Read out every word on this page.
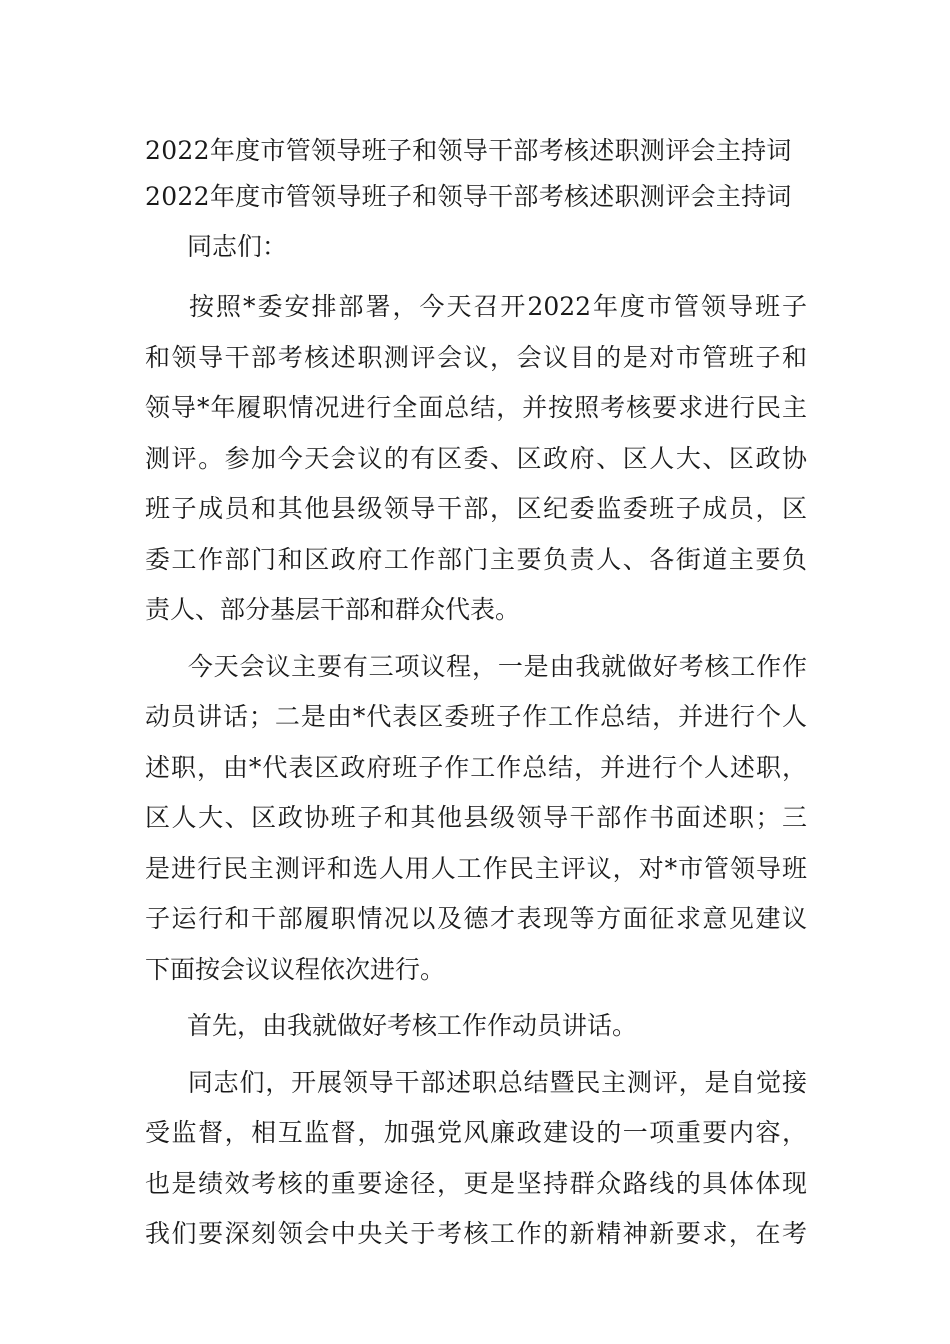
2022年度市管领导班子和领导干部考核述职测评会主持词
2022年度市管领导班子和领导干部考核述职测评会主持词
同志们：
按照*委安排部署，今天召开2022年度市管领导班子
和领导干部考核述职测评会议，会议目的是对市管班子和
领导*年履职情况进行全面总结，并按照考核要求进行民主
测评。参加今天会议的有区委、区政府、区人大、区政协
班子成员和其他县级领导干部，区纪委监委班子成员，区
委工作部门和区政府工作部门主要负责人、各街道主要负
责人、部分基层干部和群众代表。
今天会议主要有三项议程，一是由我就做好考核工作作
动员讲话；二是由*代表区委班子作工作总结，并进行个人
述职，由*代表区政府班子作工作总结，并进行个人述职，
区人大、区政协班子和其他县级领导干部作书面述职；三
是进行民主测评和选人用人工作民主评议，对*市管领导班
子运行和干部履职情况以及德才表现等方面征求意见建议
下面按会议议程依次进行。
首先，由我就做好考核工作作动员讲话。
同志们，开展领导干部述职总结暨民主测评，是自觉接
受监督，相互监督，加强党风廉政建设的一项重要内容，
也是绩效考核的重要途径，更是坚持群众路线的具体体现
我们要深刻领会中央关于考核工作的新精神新要求，在考
